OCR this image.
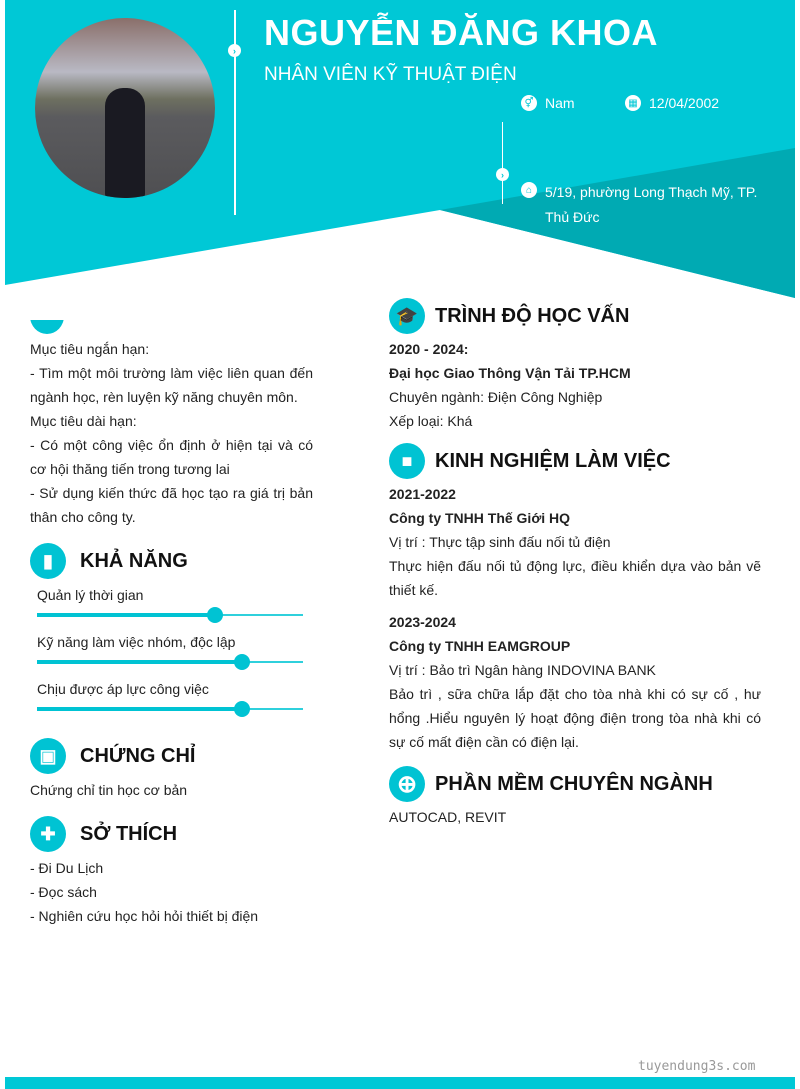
› NGUYỄN ĐĂNG KHOA
NHÂN VIÊN KỸ THUẬT ĐIỆN
⚥ Nam	▦ 12/04/2002
›
⌂ 5/19, phường Long Thạch Mỹ, TP. Thủ Đức
Mục tiêu ngắn hạn:
- Tìm một môi trường làm việc liên quan đến ngành học, rèn luyện kỹ năng chuyên môn.
Mục tiêu dài hạn:
- Có một công việc ổn định ở hiện tại và có cơ hội thăng tiến trong tương lai
- Sử dụng kiến thức đã học tạo ra giá trị bản thân cho công ty.
▮	KHẢ NĂNG
Quản lý thời gian
Kỹ năng làm việc nhóm, độc lập
Chịu được áp lực công việc
▣	CHỨNG CHỈ
Chứng chỉ tin học cơ bản
✚	SỞ THÍCH
- Đi Du Lịch
- Đọc sách
- Nghiên cứu học hỏi hỏi thiết bị điện
🎓 TRÌNH ĐỘ HỌC VẤN
2020 - 2024:
Đại học Giao Thông Vận Tải TP.HCM
Chuyên ngành: Điện Công Nghiệp
Xếp loại: Khá
■	KINH NGHIỆM LÀM VIỆC
2021-2022
Công ty TNHH Thế Giới HQ
Vị trí : Thực tập sinh đấu nối tủ điện
Thực hiện đấu nối tủ động lực, điều khiển dựa vào bản vẽ thiết kế.
2023-2024
Công ty TNHH EAMGROUP
Vị trí : Bảo trì Ngân hàng INDOVINA BANK
Bảo trì , sữa chữa lắp đặt cho tòa nhà khi có sự cố , hư hổng .Hiểu nguyên lý hoạt động điện trong tòa nhà khi có sự cố mất điện cần có điện lại.
⊕ PHẦN MỀM CHUYÊN NGÀNH
AUTOCAD, REVIT
tuyendung3s.com
